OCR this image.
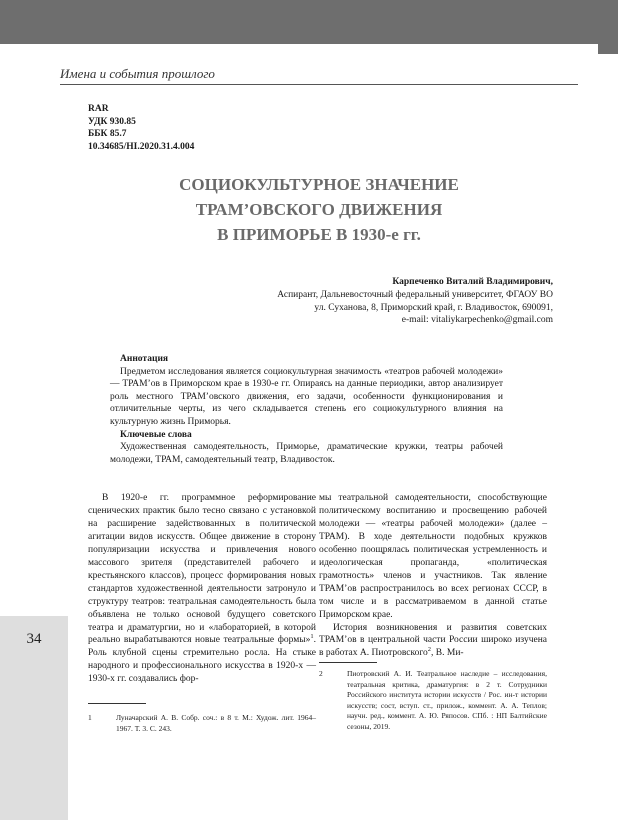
Имена и события прошлого
RAR
УДК 930.85
ББК 85.7
10.34685/HI.2020.31.4.004
СОЦИОКУЛЬТУРНОЕ ЗНАЧЕНИЕ
ТРАМ’ОВСКОГО ДВИЖЕНИЯ
В ПРИМОРЬЕ В 1930-е гг.
Карпеченко Виталий Владимирович,
Аспирант, Дальневосточный федеральный университет, ФГАОУ ВО
ул. Суханова, 8, Приморский край, г. Владивосток, 690091,
e-mail: vitaliykarpechenko@gmail.com
Аннотация
Предметом исследования является социокультурная значимость «театров рабочей молодежи» — ТРАМ’ов в Приморском крае в 1930-е гг. Опираясь на данные периодики, автор анализирует роль местного ТРАМ’овского движения, его задачи, особенности функционирования и отличительные черты, из чего складывается степень его социокультурного влияния на культурную жизнь Приморья.
Ключевые слова
Художественная самодеятельность, Приморье, драматические кружки, театры рабочей молодежи, ТРАМ, самодеятельный театр, Владивосток.

В 1920-е гг. программное реформирование сценических практик было тесно связано с установкой на расширение задействованных в политической агитации видов искусств. Общее движение в сторону популяризации искусства и привлечения нового массового зрителя (представителей рабочего и крестьянского классов), процесс формирования новых стандартов художественной деятельности затронуло и структуру театров: театральная самодеятельность была объявлена не только основой будущего советского театра и драматургии, но и «лабораторией, в которой реально вырабатываются новые театральные формы»$^1$. Роль клубной сцены стремительно росла. На стыке народного и профессионального искусства в 1920-х — 1930-х гг. создавались фор-

мы театральной самодеятельности, способствующие политическому воспитанию и просвещению рабочей молодежи — «театры рабочей молодежи» (далее – ТРАМ). В ходе деятельности подобных кружков особенно поощрялась политическая устремленность и идеологическая пропаганда, «политическая грамотность» членов и участников. Так явление ТРАМ’ов распространилось во всех регионах СССР, в том числе и в рассматриваемом в данной статье Приморском крае.

История возникновения и развития советских ТРАМ’ов в центральной части России широко изучена в работах А. Пиотровского$^2$, В. Ми-

2	Пиотровский А. И. Театральное наследие – исследования, театральная критика, драматургия: в 2 т. Сотрудники Российского института истории искусств / Рос. ин-т истории искусств; сост, вступ. ст., прилож., коммент. А. А. Теплов; научн. ред., коммент. А. Ю. Ряпосов. СПб. : НП Балтийские сезоны, 2019.
1	Луначарский А. В. Собр. соч.: в 8 т. М.: Худож. лит. 1964–1967. Т. 3. С. 243.
34
